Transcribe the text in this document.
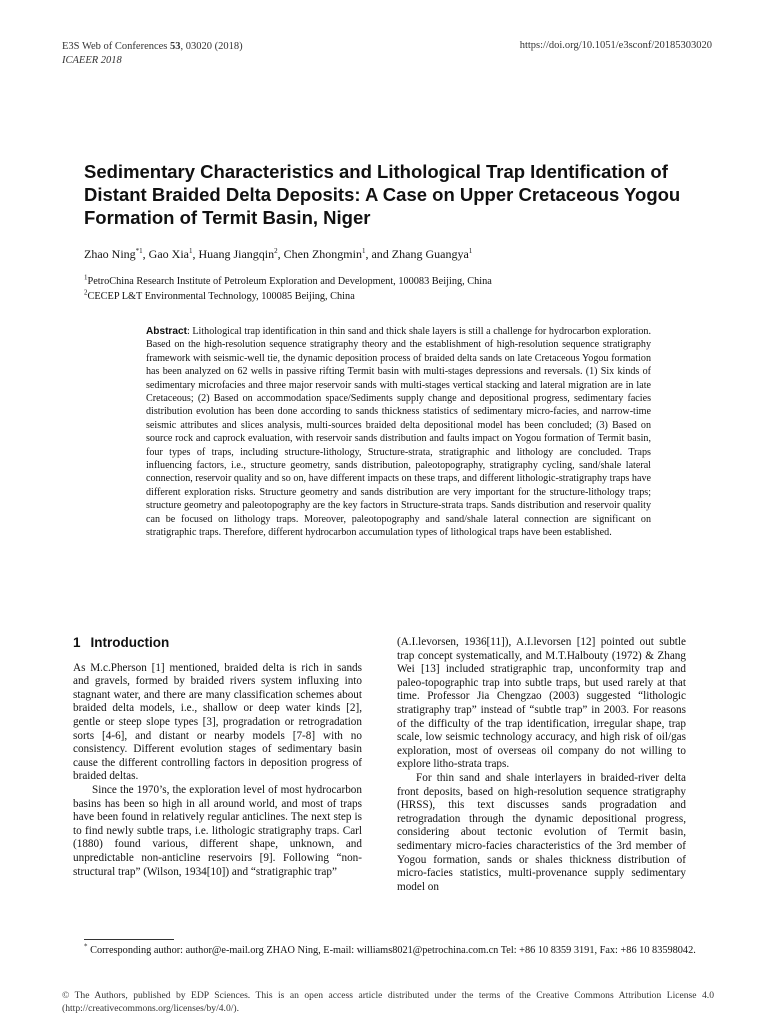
E3S Web of Conferences 53, 03020 (2018)
ICAEER 2018
https://doi.org/10.1051/e3sconf/20185303020
Sedimentary Characteristics and Lithological Trap Identification of Distant Braided Delta Deposits: A Case on Upper Cretaceous Yogou Formation of Termit Basin, Niger
Zhao Ning$^{*1}$, Gao Xia$^1$, Huang Jiangqin$^2$, Chen Zhongmin$^1$, and Zhang Guangya$^1$
$^1$PetroChina Research Institute of Petroleum Exploration and Development, 100083 Beijing, China
$^2$CECEP L&T Environmental Technology, 100085 Beijing, China

Abstract: Lithological trap identification in thin sand and thick shale layers is still a challenge for hydrocarbon exploration. Based on the high-resolution sequence stratigraphy theory and the establishment of high-resolution sequence stratigraphy framework with seismic-well tie, the dynamic deposition process of braided delta sands on late Cretaceous Yogou formation has been analyzed on 62 wells in passive rifting Termit basin with multi-stages depressions and reversals. (1) Six kinds of sedimentary microfacies and three major reservoir sands with multi-stages vertical stacking and lateral migration are in late Cretaceous; (2) Based on accommodation space/Sediments supply change and depositional progress, sedimentary facies distribution evolution has been done according to sands thickness statistics of sedimentary micro-facies, and narrow-time seismic attributes and slices analysis, multi-sources braided delta depositional model has been concluded; (3) Based on source rock and caprock evaluation, with reservoir sands distribution and faults impact on Yogou formation of Termit basin, four types of traps, including structure-lithology, Structure-strata, stratigraphic and lithology are concluded. Traps influencing factors, i.e., structure geometry, sands distribution, paleotopography, stratigraphy cycling, sand/shale lateral connection, reservoir quality and so on, have different impacts on these traps, and different lithologic-stratigraphy traps have different exploration risks. Structure geometry and sands distribution are very important for the structure-lithology traps; structure geometry and paleotopography are the key factors in Structure-strata traps. Sands distribution and reservoir quality can be focused on lithology traps. Moreover, paleotopography and sand/shale lateral connection are significant on stratigraphic traps. Therefore, different hydrocarbon accumulation types of lithological traps have been established.

1 Introduction

As M.c.Pherson [1] mentioned, braided delta is rich in sands and gravels, formed by braided rivers system influxing into stagnant water, and there are many classification schemes about braided delta models, i.e., shallow or deep water kinds [2], gentle or steep slope types [3], progradation or retrogradation sorts [4-6], and distant or nearby models [7-8] with no consistency. Different evolution stages of sedimentary basin cause the different controlling factors in deposition progress of braided deltas.

Since the 1970’s, the exploration level of most hydrocarbon basins has been so high in all around world, and most of traps have been found in relatively regular anticlines. The next step is to find newly subtle traps, i.e. lithologic stratigraphy traps. Carl (1880) found various, different shape, unknown, and unpredictable non-anticline reservoirs [9]. Following “non-structural trap” (Wilson, 1934[10]) and “stratigraphic trap”

(A.I.levorsen, 1936[11]), A.I.levorsen [12] pointed out subtle trap concept systematically, and M.T.Halbouty (1972) & Zhang Wei [13] included stratigraphic trap, unconformity trap and paleo-topographic trap into subtle traps, but used rarely at that time. Professor Jia Chengzao (2003) suggested “lithologic stratigraphy trap” instead of “subtle trap” in 2003. For reasons of the difficulty of the trap identification, irregular shape, trap scale, low seismic technology accuracy, and high risk of oil/gas exploration, most of overseas oil company do not willing to explore litho-strata traps.

For thin sand and shale interlayers in braided-river delta front deposits, based on high-resolution sequence stratigraphy (HRSS), this text discusses sands progradation and retrogradation through the dynamic depositional progress, considering about tectonic evolution of Termit basin, sedimentary micro-facies characteristics of the 3rd member of Yogou formation, sands or shales thickness distribution of micro-facies statistics, multi-provenance supply sedimentary model on

* Corresponding author: author@e-mail.org ZHAO Ning, E-mail: williams8021@petrochina.com.cn Tel: +86 10 8359 3191, Fax: +86 10 83598042.

© The Authors, published by EDP Sciences. This is an open access article distributed under the terms of the Creative Commons Attribution License 4.0 (http://creativecommons.org/licenses/by/4.0/).
